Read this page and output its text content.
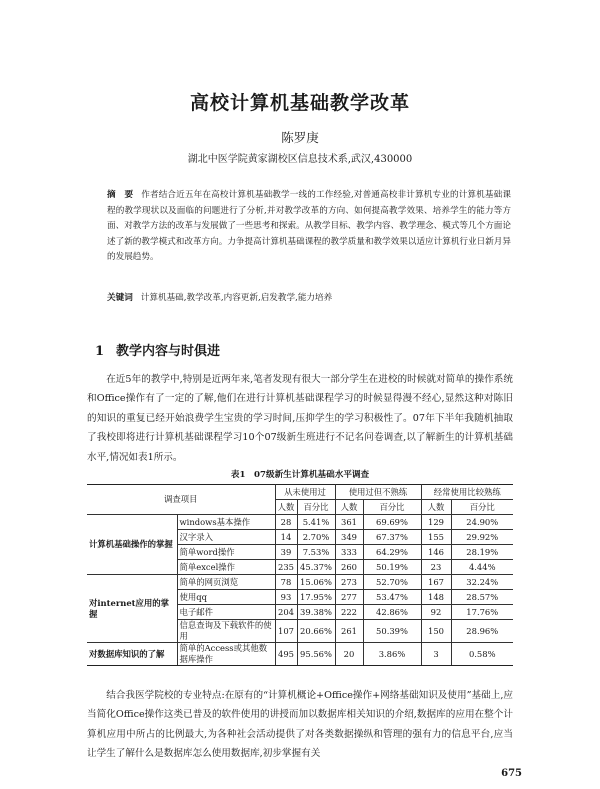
高校计算机基础教学改革
陈罗庚
湖北中医学院黄家湖校区信息技术系,武汉,430000
摘　要 作者结合近五年在高校计算机基础教学一线的工作经验,对普通高校非计算机专业的计算机基础课程的教学现状以及面临的问题进行了分析,并对教学改革的方向、如何提高教学效果、培养学生的能力等方面、对教学方法的改革与发展做了一些思考和探索。从教学目标、教学内容、教学理念、模式等几个方面论述了新的教学模式和改革方向。力争提高计算机基础课程的教学质量和教学效果以适应计算机行业日新月异的发展趋势。
关键词 计算机基础,教学改革,内容更新,启发教学,能力培养
1 教学内容与时俱进
在近5年的教学中,特别是近两年来,笔者发现有很大一部分学生在进校的时候就对简单的操作系统和Office操作有了一定的了解,他们在进行计算机基础课程学习的时候显得漫不经心,显然这种对陈旧的知识的重复已经开始浪费学生宝贵的学习时间,压抑学生的学习积极性了。07年下半年我随机抽取了我校即将进行计算机基础课程学习10个07级新生班进行不记名问卷调查,以了解新生的计算机基础水平,情况如表1所示。
表1　07级新生计算机基础水平调查
调查项目		从未使用过		使用过但不熟练		经常使用比较熟练	
		人数	百分比	人数	百分比	人数	百分比
计算机基础操作的掌握	windows基本操作	28	5.41%	361	69.69%	129	24.90%
	汉字录入	14	2.70%	349	67.37%	155	29.92%
	简单word操作	39	7.53%	333	64.29%	146	28.19%
	简单excel操作	235	45.37%	260	50.19%	23	4.44%
对internet应用的掌握	简单的网页浏览	78	15.06%	273	52.70%	167	32.24%
	使用qq	93	17.95%	277	53.47%	148	28.57%
	电子邮件	204	39.38%	222	42.86%	92	17.76%
	信息查询及下载软件的使用	107	20.66%	261	50.39%	150	28.96%
对数据库知识的了解	简单的Access或其他数据库操作	495	95.56%	20	3.86%	3	0.58%
结合我医学院校的专业特点:在原有的“计算机概论+Office操作+网络基础知识及使用”基础上,应当简化Office操作这类已普及的软件使用的讲授而加以数据库相关知识的介绍,数据库的应用在整个计算机应用中所占的比例最大,为各种社会活动提供了对各类数据操纵和管理的强有力的信息平台,应当让学生了解什么是数据库怎么使用数据库,初步掌握有关
675
